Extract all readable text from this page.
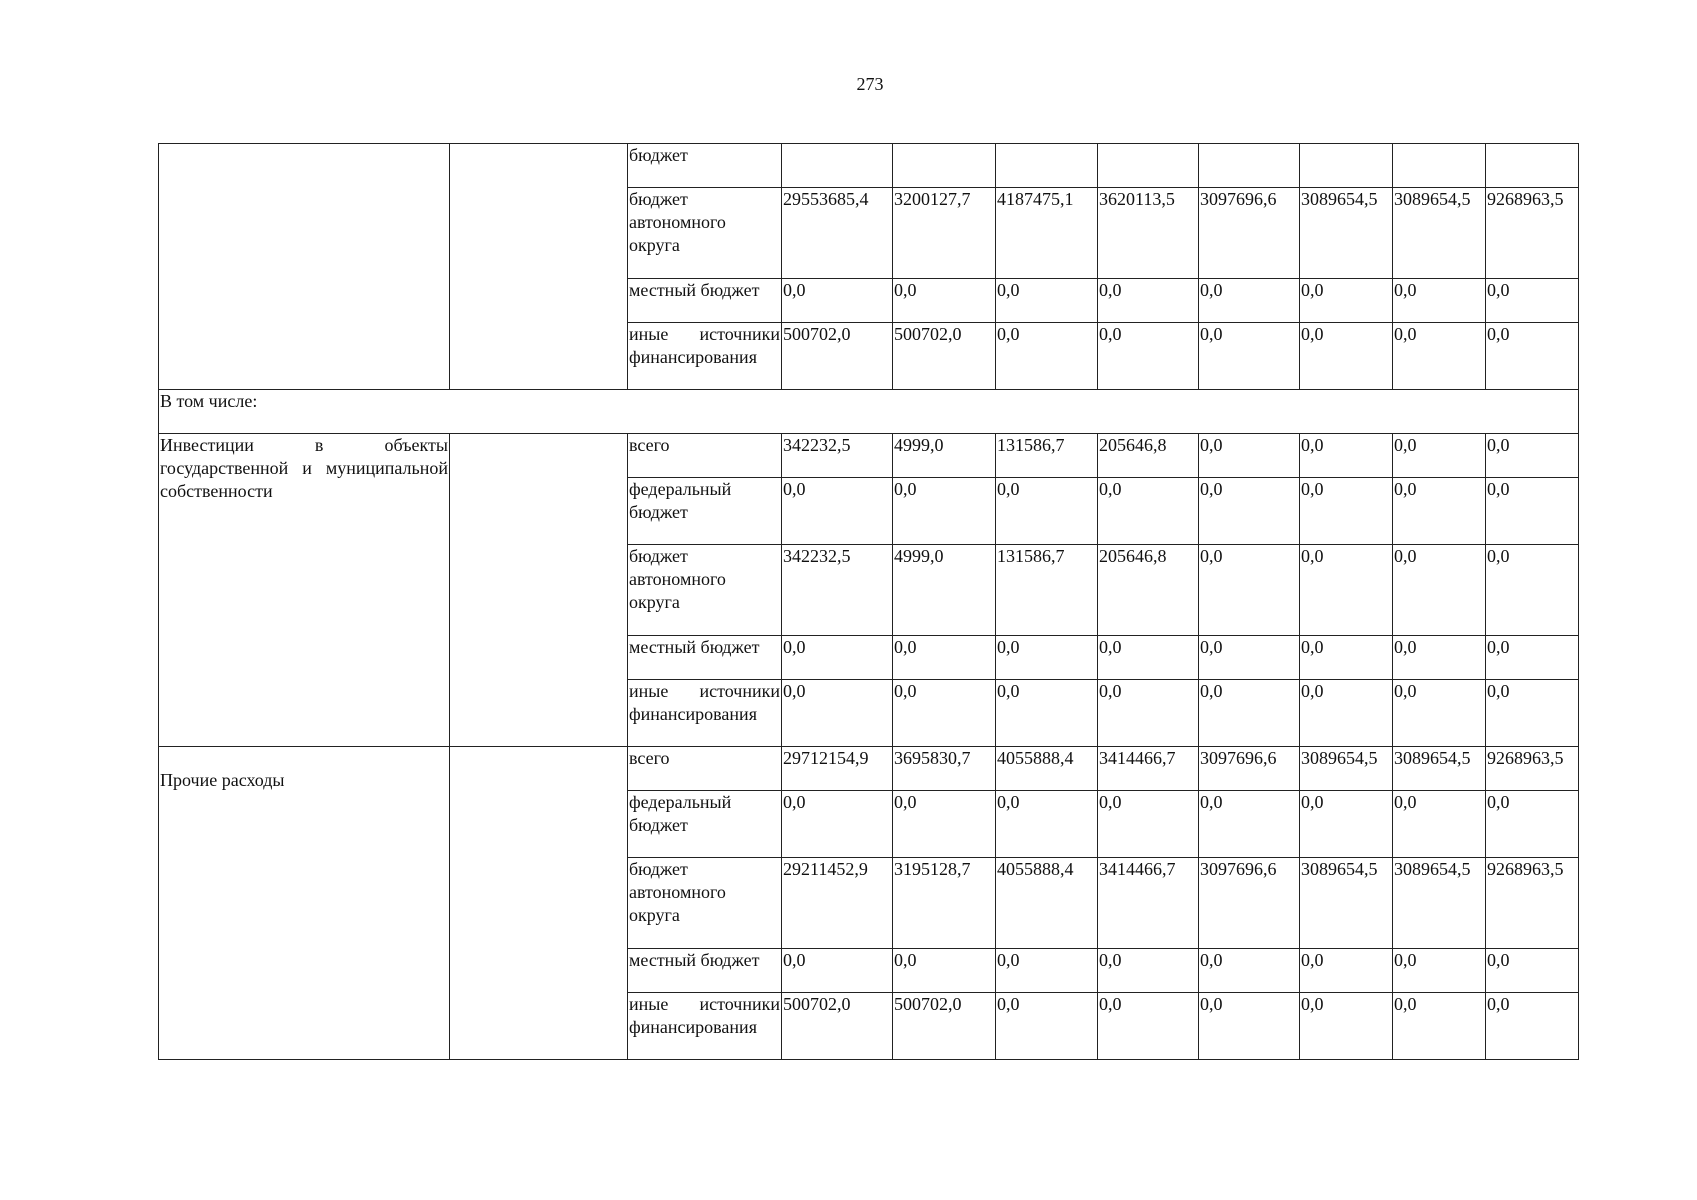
273
		бюджет								
		бюджет автономного округа	29553685,4	3200127,7	4187475,1	3620113,5	3097696,6	3089654,5	3089654,5	9268963,5
		местный бюджет	0,0	0,0	0,0	0,0	0,0	0,0	0,0	0,0
		иные источники финансирования	500702,0	500702,0	0,0	0,0	0,0	0,0	0,0	0,0
В том числе:										
Инвестиции в объекты государственной и муниципальной собственности		всего	342232,5	4999,0	131586,7	205646,8	0,0	0,0	0,0	0,0
		федеральный бюджет	0,0	0,0	0,0	0,0	0,0	0,0	0,0	0,0
		бюджет автономного округа	342232,5	4999,0	131586,7	205646,8	0,0	0,0	0,0	0,0
		местный бюджет	0,0	0,0	0,0	0,0	0,0	0,0	0,0	0,0
		иные источники финансирования	0,0	0,0	0,0	0,0	0,0	0,0	0,0	0,0
Прочие расходы		всего	29712154,9	3695830,7	4055888,4	3414466,7	3097696,6	3089654,5	3089654,5	9268963,5
		федеральный бюджет	0,0	0,0	0,0	0,0	0,0	0,0	0,0	0,0
		бюджет автономного округа	29211452,9	3195128,7	4055888,4	3414466,7	3097696,6	3089654,5	3089654,5	9268963,5
		местный бюджет	0,0	0,0	0,0	0,0	0,0	0,0	0,0	0,0
		иные источники финансирования	500702,0	500702,0	0,0	0,0	0,0	0,0	0,0	0,0
